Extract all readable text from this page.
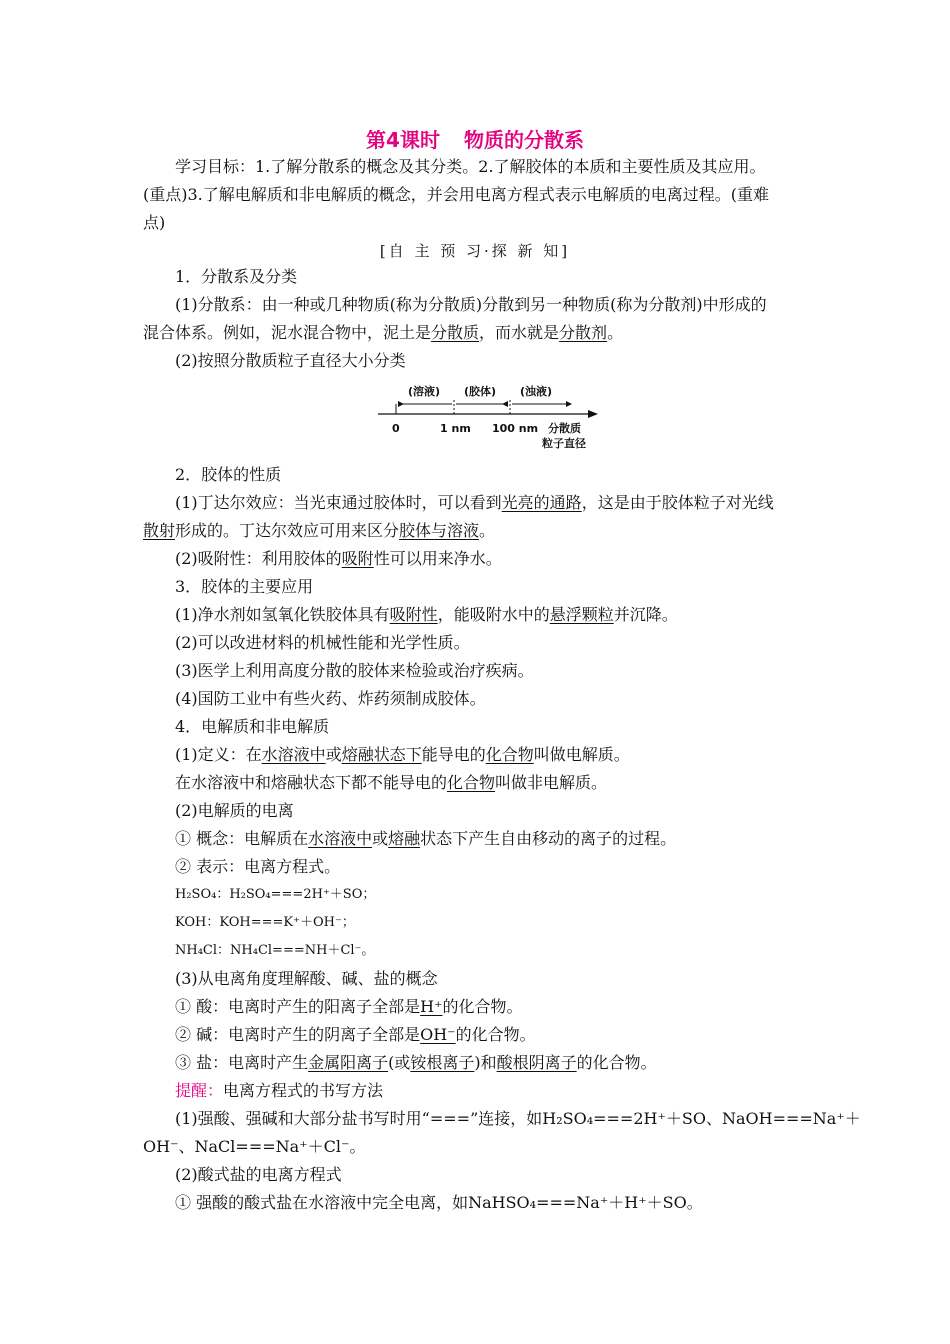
第4课时 物质的分散系
学习目标：1.了解分散系的概念及其分类。2.了解胶体的本质和主要性质及其应用。
(重点)3.了解电解质和非电解质的概念，并会用电离方程式表示电解质的电离过程。(重难
点)
[自 主 预 习·探 新 知]
1．分散系及分类
(1)分散系：由一种或几种物质(称为分散质)分散到另一种物质(称为分散剂)中形成的
混合体系。例如，泥水混合物中，泥土是分散质，而水就是分散剂。
(2)按照分散质粒子直径大小分类
(溶液) (胶体) (浊液)
0	1 nm 100 nm 分散质
粒子直径
2．胶体的性质
(1)丁达尔效应：当光束通过胶体时，可以看到光亮的通路，这是由于胶体粒子对光线
散射形成的。丁达尔效应可用来区分胶体与溶液。
(2)吸附性：利用胶体的吸附性可以用来净水。
3．胶体的主要应用
(1)净水剂如氢氧化铁胶体具有吸附性，能吸附水中的悬浮颗粒并沉降。
(2)可以改进材料的机械性能和光学性质。
(3)医学上利用高度分散的胶体来检验或治疗疾病。
(4)国防工业中有些火药、炸药须制成胶体。
4．电解质和非电解质
(1)定义：在水溶液中或熔融状态下能导电的化合物叫做电解质。
在水溶液中和熔融状态下都不能导电的化合物叫做非电解质。
(2)电解质的电离
① 概念：电解质在水溶液中或熔融状态下产生自由移动的离子的过程。
② 表示：电离方程式。
H₂SO₄：H₂SO₄===2H⁺＋SO；
KOH：KOH===K⁺＋OH⁻；
NH₄Cl：NH₄Cl===NH＋Cl⁻。
(3)从电离角度理解酸、碱、盐的概念
① 酸：电离时产生的阳离子全部是H⁺的化合物。
② 碱：电离时产生的阴离子全部是OH⁻的化合物。
③ 盐：电离时产生金属阳离子(或铵根离子)和酸根阴离子的化合物。
提醒：电离方程式的书写方法
(1)强酸、强碱和大部分盐书写时用“===”连接，如H₂SO₄===2H⁺＋SO、NaOH===Na⁺＋
OH⁻、NaCl===Na⁺＋Cl⁻。
(2)酸式盐的电离方程式
① 强酸的酸式盐在水溶液中完全电离，如NaHSO₄===Na⁺＋H⁺＋SO。
